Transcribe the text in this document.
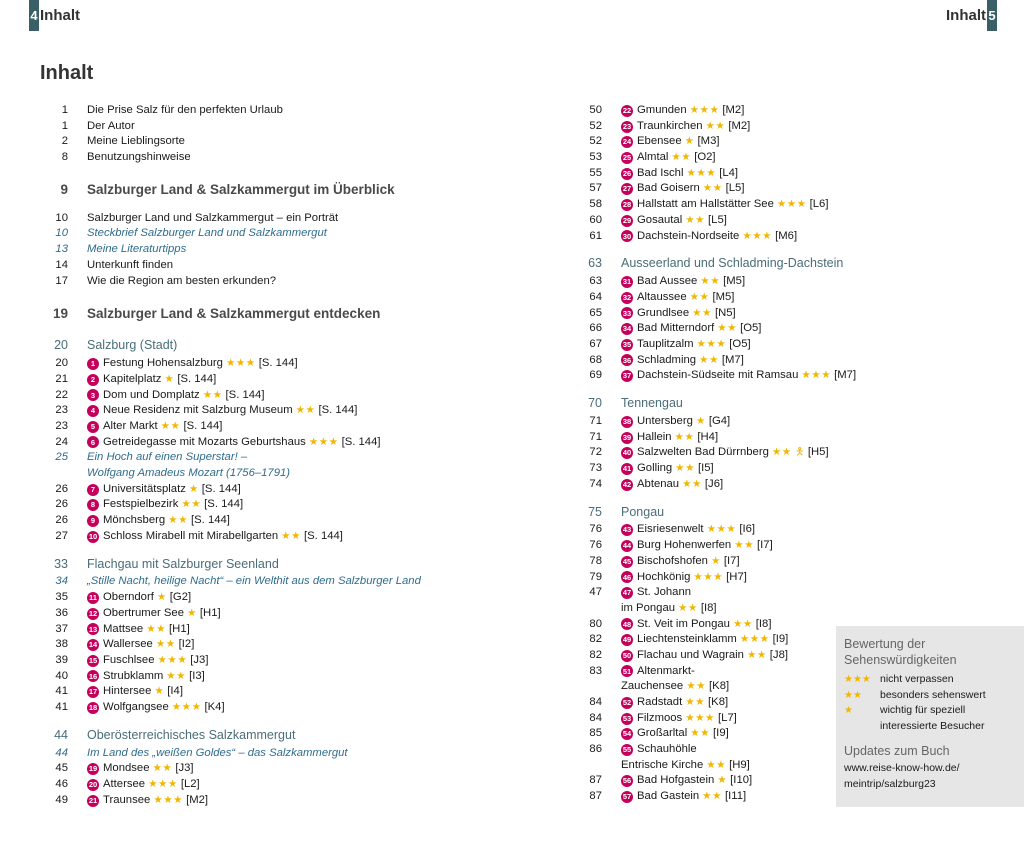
4 Inhalt	Inhalt 5
Inhalt
1	Die Prise Salz für den perfekten Urlaub
1	Der Autor
2	Meine Lieblingsorte
8	Benutzungshinweise
9	Salzburger Land & Salzkammergut im Überblick
10	Salzburger Land und Salzkammergut – ein Porträt
10	Steckbrief Salzburger Land und Salzkammergut
13	Meine Literaturtipps
14	Unterkunft finden
17	Wie die Region am besten erkunden?
19	Salzburger Land & Salzkammergut entdecken
20	Salzburg (Stadt)
20	1 Festung Hohensalzburg ★★★ [S. 144]
21	2 Kapitelplatz ★ [S. 144]
22	3 Dom und Domplatz ★★ [S. 144]
23	4 Neue Residenz mit Salzburg Museum ★★ [S. 144]
23	5 Alter Markt ★★ [S. 144]
24	6 Getreidegasse mit Mozarts Geburtshaus ★★★ [S. 144]
25	Ein Hoch auf einen Superstar! –
Wolfgang Amadeus Mozart (1756–1791)
26	7 Universitätsplatz ★ [S. 144]
26	8 Festspielbezirk ★★ [S. 144]
26	9 Mönchsberg ★★ [S. 144]
27	10 Schloss Mirabell mit Mirabellgarten ★★ [S. 144]
33	Flachgau mit Salzburger Seenland
34	„Stille Nacht, heilige Nacht“ – ein Welthit aus dem Salzburger Land
35	11 Oberndorf ★ [G2]
36	12 Obertrumer See ★ [H1]
37	13 Mattsee ★★ [H1]
38	14 Wallersee ★★ [I2]
39	15 Fuschlsee ★★★ [J3]
40	16 Strubklamm ★★ [I3]
41	17 Hintersee ★ [I4]
41	18 Wolfgangsee ★★★ [K4]
44	Oberösterreichisches Salzkammergut
44	Im Land des „weißen Goldes“ – das Salzkammergut
45	19 Mondsee ★★ [J3]
46	20 Attersee ★★★ [L2]
49	21 Traunsee ★★★ [M2]
50	22 Gmunden ★★★ [M2]
52	23 Traunkirchen ★★ [M2]
52	24 Ebensee ★ [M3]
53	25 Almtal ★★ [O2]
55	26 Bad Ischl ★★★ [L4]
57	27 Bad Goisern ★★ [L5]
58	28 Hallstatt am Hallstätter See ★★★ [L6]
60	29 Gosautal ★★ [L5]
61	30 Dachstein-Nordseite ★★★ [M6]
63	Ausseerland und Schladming-Dachstein
63	31 Bad Aussee ★★ [M5]
64	32 Altaussee ★★ [M5]
65	33 Grundlsee ★★ [N5]
66	34 Bad Mitterndorf ★★ [O5]
67	35 Tauplitzalm ★★★ [O5]
68	36 Schladming ★★ [M7]
69	37 Dachstein-Südseite mit Ramsau ★★★ [M7]
70	Tennengau
71	38 Untersberg ★ [G4]
71	39 Hallein ★★ [H4]
72	40 Salzwelten Bad Dürrnberg ★★ 🯅 [H5]
73	41 Golling ★★ [I5]
74	42 Abtenau ★★ [J6]
75	Pongau
76	43 Eisriesenwelt ★★★ [I6]
76	44 Burg Hohenwerfen ★★ [I7]
78	45 Bischofshofen ★ [I7]
79	46 Hochkönig ★★★ [H7]
47	47 St. Johann
im Pongau ★★ [I8]
80	48 St. Veit im Pongau ★★ [I8]
82	49 Liechtensteinklamm ★★★ [I9]
82	50 Flachau und Wagrain ★★ [J8]
83	51 Altenmarkt-
Zauchensee ★★ [K8]
84	52 Radstadt ★★ [K8]
84	53 Filzmoos ★★★ [L7]
85	54 Großarltal ★★ [I9]
86	55 Schauhöhle
Entrische Kirche ★★ [H9]
87	56 Bad Hofgastein ★ [I10]
87	57 Bad Gastein ★★ [I11]
Bewertung der
Sehenswürdigkeiten
★★★ nicht verpassen
★★	besonders sehenswert
★	wichtig für speziell
interessierte Besucher
Updates zum Buch
www.reise-know-how.de/
meintrip/salzburg23
